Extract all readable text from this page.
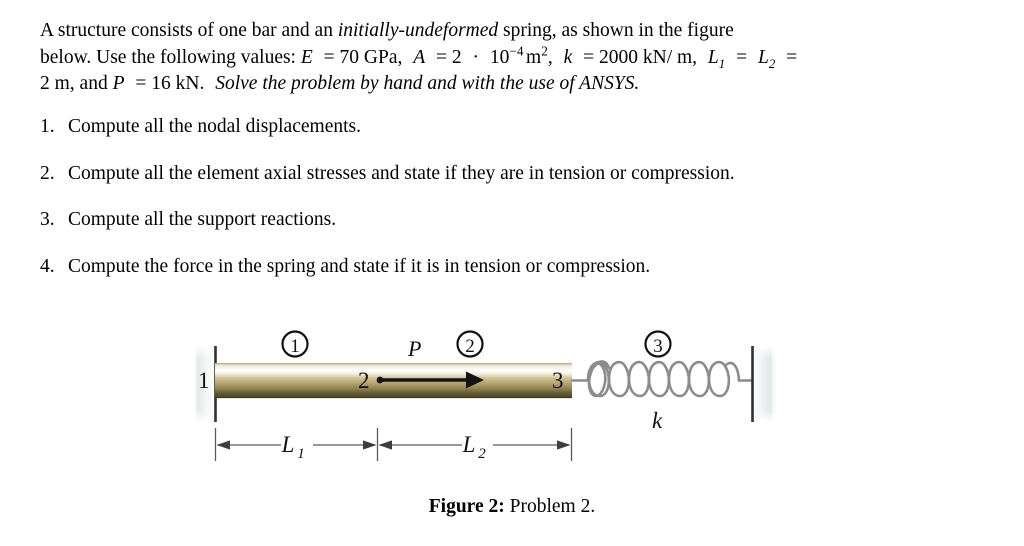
A structure consists of one bar and an initially-undeformed spring, as shown in the figure
below. Use the following values: E = 70 GPa, $A = 2 \cdot 10^{-4}$ $m^2$, k = 2000 kN/ m, $L_1 = L_2$ =
2 m, and P = 16 kN. Solve the problem by hand and with the use of ANSYS.
1. Compute all the nodal displacements.
2. Compute all the element axial stresses and state if they are in tension or compression.
3. Compute all the support reactions.
4. Compute the force in the spring and state if it is in tension or compression.
1	2	3
P
k
1	2	3
L 1	L 2
Figure 2: Problem 2.
